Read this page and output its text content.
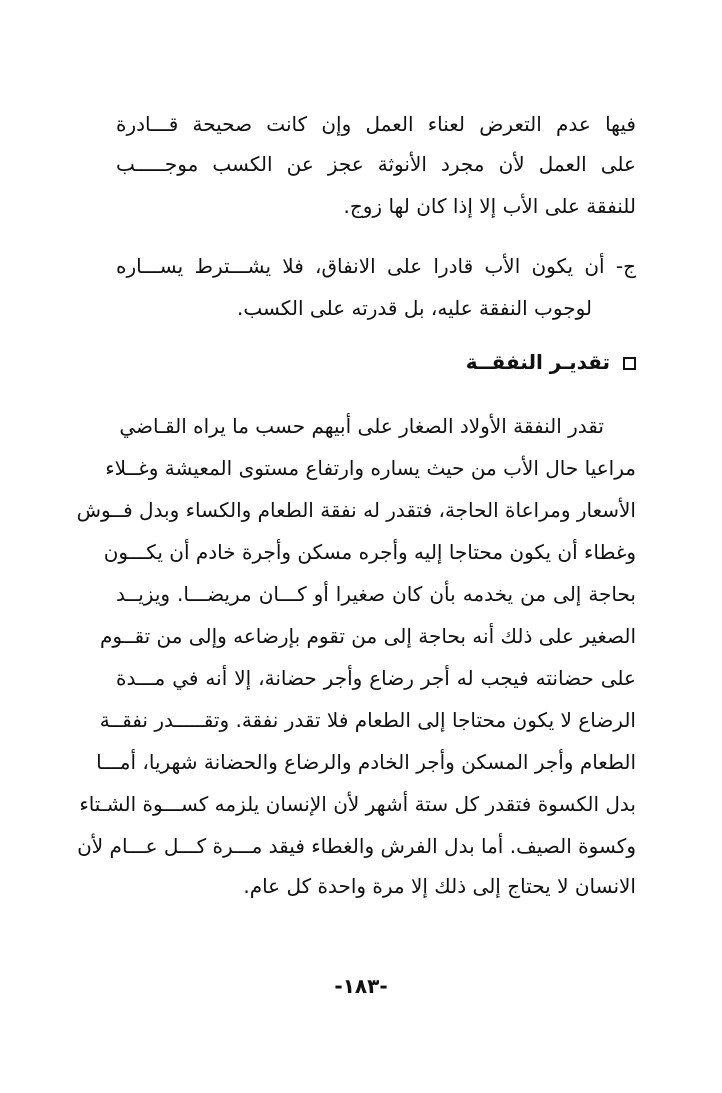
فيها عدم التعرض لعناء العمل وإن كانت صحيحة قـــادرة

على العمل لأن مجرد الأنوثة عجز عن الكسب موجـــــب

للنفقة على الأب إلا إذا كان لها زوج.

ج- أن يكون الأب قادرا على الانفاق، فلا يشـــترط يســـاره

لوجوب النفقة عليه، بل قدرته على الكسب.

تقديـر النفقــة

تقدر النفقة الأولاد الصغار على أبيهم حسب ما يراه القـاضي

مراعيا حال الأب من حيث يساره وارتفاع مستوى المعيشة وغــلاء

الأسعار ومراعاة الحاجة، فتقدر له نفقة الطعام والكساء وبدل فــوش

وغطاء أن يكون محتاجا إليه وأجره مسكن وأجرة خادم أن يكـــون

بحاجة إلى من يخدمه بأن كان صغيرا أو كـــان مريضـــا. ويزيــد

الصغير على ذلك أنه بحاجة إلى من تقوم بإرضاعه وإلى من تقــوم

على حضانته فيجب له أجر رضاع وأجر حضانة، إلا أنه في مـــدة

الرضاع لا يكون محتاجا إلى الطعام فلا تقدر نفقة. وتقـــــدر نفقــة

الطعام وأجر المسكن وأجر الخادم والرضاع والحضانة شهريا، أمـــا

بدل الكسوة فتقدر كل ستة أشهر لأن الإنسان يلزمه كســـوة الشـتاء

وكسوة الصيف. أما بدل الفرش والغطاء فيقد مـــرة كـــل عـــام لأن

الانسان لا يحتاج إلى ذلك إلا مرة واحدة كل عام.

-١٨٣-
